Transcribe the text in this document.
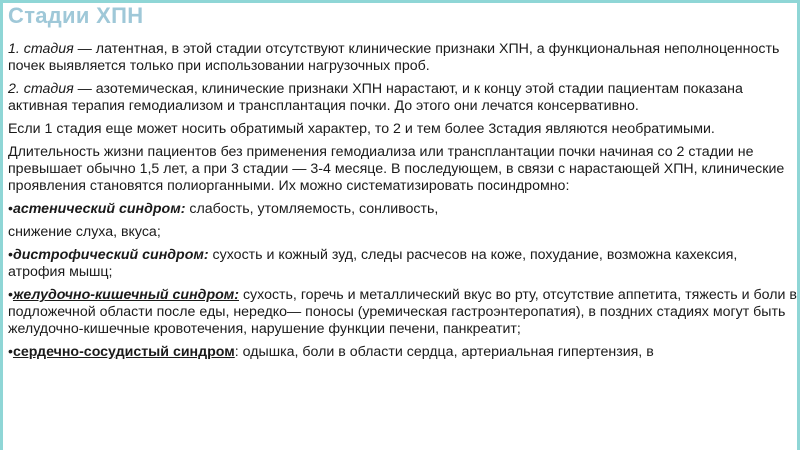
Стадии ХПН

1. стадия — латентная, в этой стадии отсутствуют клинические признаки ХПН, а функциональная неполноценность почек выявляется только при использовании нагрузочных проб.

2. стадия — азотемическая, клинические признаки ХПН нарастают, и к концу этой стадии пациентам показана активная терапия гемодиализом и трансплантация почки. До этого они лечатся консервативно.

Если 1 стадия еще может носить обратимый характер, то 2 и тем более 3стадия являются необратимыми.

Длительность жизни пациентов без применения гемодиализа или трансплантации почки начиная со 2 стадии не превышает обычно 1,5 лет, а при 3 стадии — 3-4 месяце. В последующем, в связи с нарастающей ХПН, клинические проявления становятся полиорганными. Их можно систематизировать посиндромно:

•астенический синдром: слабость, утомляемость, сонливость,

снижение слуха, вкуса;

•дистрофический синдром: сухость и кожный зуд, следы расчесов на коже, похудание, возможна кахексия, атрофия мышц;

•желудочно-кишечный синдром: сухость, горечь и металлический вкус во рту, отсутствие аппетита, тяжесть и боли в подложечной области после еды, нередко— поносы (уремическая гастроэнтеропатия), в поздних стадиях могут быть желудочно-кишечные кровотечения, нарушение функции печени, панкреатит;

•сердечно-сосудистый синдром: одышка, боли в области сердца, артериальная гипертензия, в
